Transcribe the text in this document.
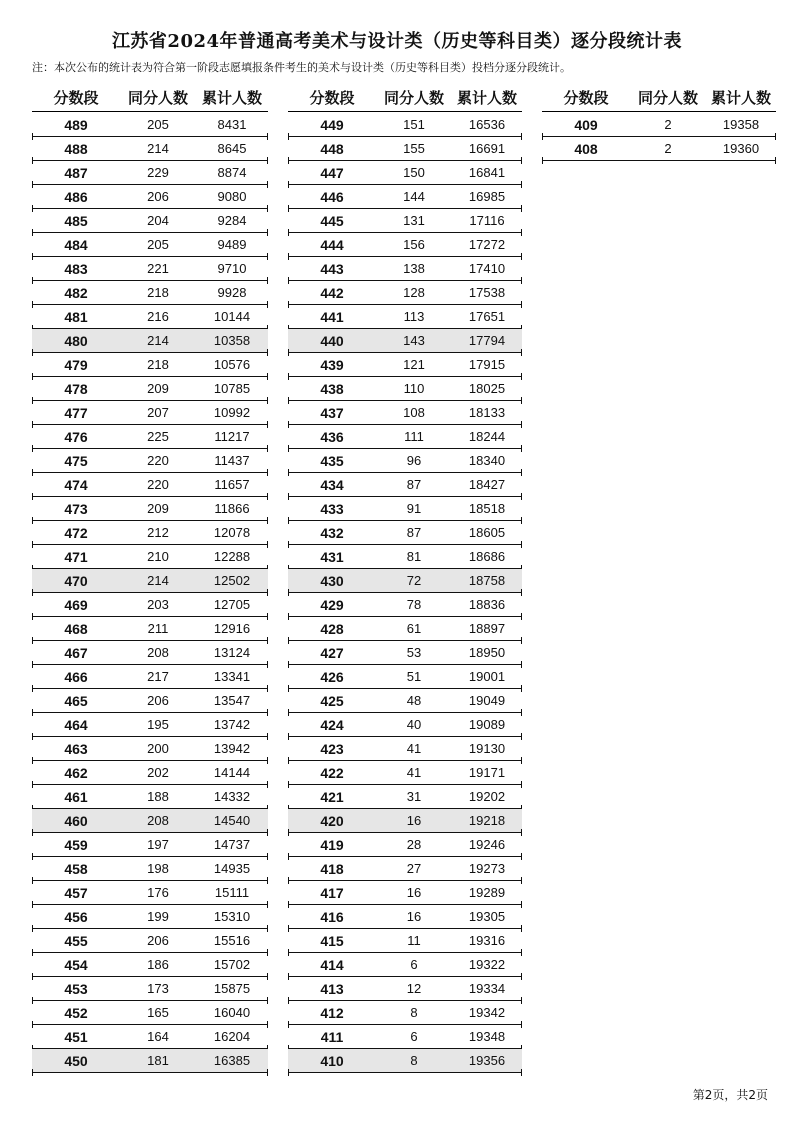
江苏省2024年普通高考美术与设计类（历史等科目类）逐分段统计表
注：本次公布的统计表为符合第一阶段志愿填报条件考生的美术与设计类（历史等科目类）投档分逐分段统计。
分数段	同分人数 累计人数
489	205	8431
488	214	8645
487	229	8874
486	206	9080
485	204	9284
484	205	9489
483	221	9710
482	218	9928
481	216	10144
480	214	10358
479	218	10576
478	209	10785
477	207	10992
476	225	11217
475	220	11437
474	220	11657
473	209	11866
472	212	12078
471	210	12288
470	214	12502
469	203	12705
468	211	12916
467	208	13124
466	217	13341
465	206	13547
464	195	13742
463	200	13942
462	202	14144
461	188	14332
460	208	14540
459	197	14737
458	198	14935
457	176	15111
456	199	15310
455	206	15516
454	186	15702
453	173	15875
452	165	16040
451	164	16204
450	181	16385
分数段	同分人数 累计人数
449	151	16536
448	155	16691
447	150	16841
446	144	16985
445	131	17116
444	156	17272
443	138	17410
442	128	17538
441	113	17651
440	143	17794
439	121	17915
438	110	18025
437	108	18133
436	111	18244
435	96	18340
434	87	18427
433	91	18518
432	87	18605
431	81	18686
430	72	18758
429	78	18836
428	61	18897
427	53	18950
426	51	19001
425	48	19049
424	40	19089
423	41	19130
422	41	19171
421	31	19202
420	16	19218
419	28	19246
418	27	19273
417	16	19289
416	16	19305
415	11	19316
414	6	19322
413	12	19334
412	8	19342
411	6	19348
410	8	19356
分数段	同分人数 累计人数
409	2	19358
408	2	19360
第2页，共2页
